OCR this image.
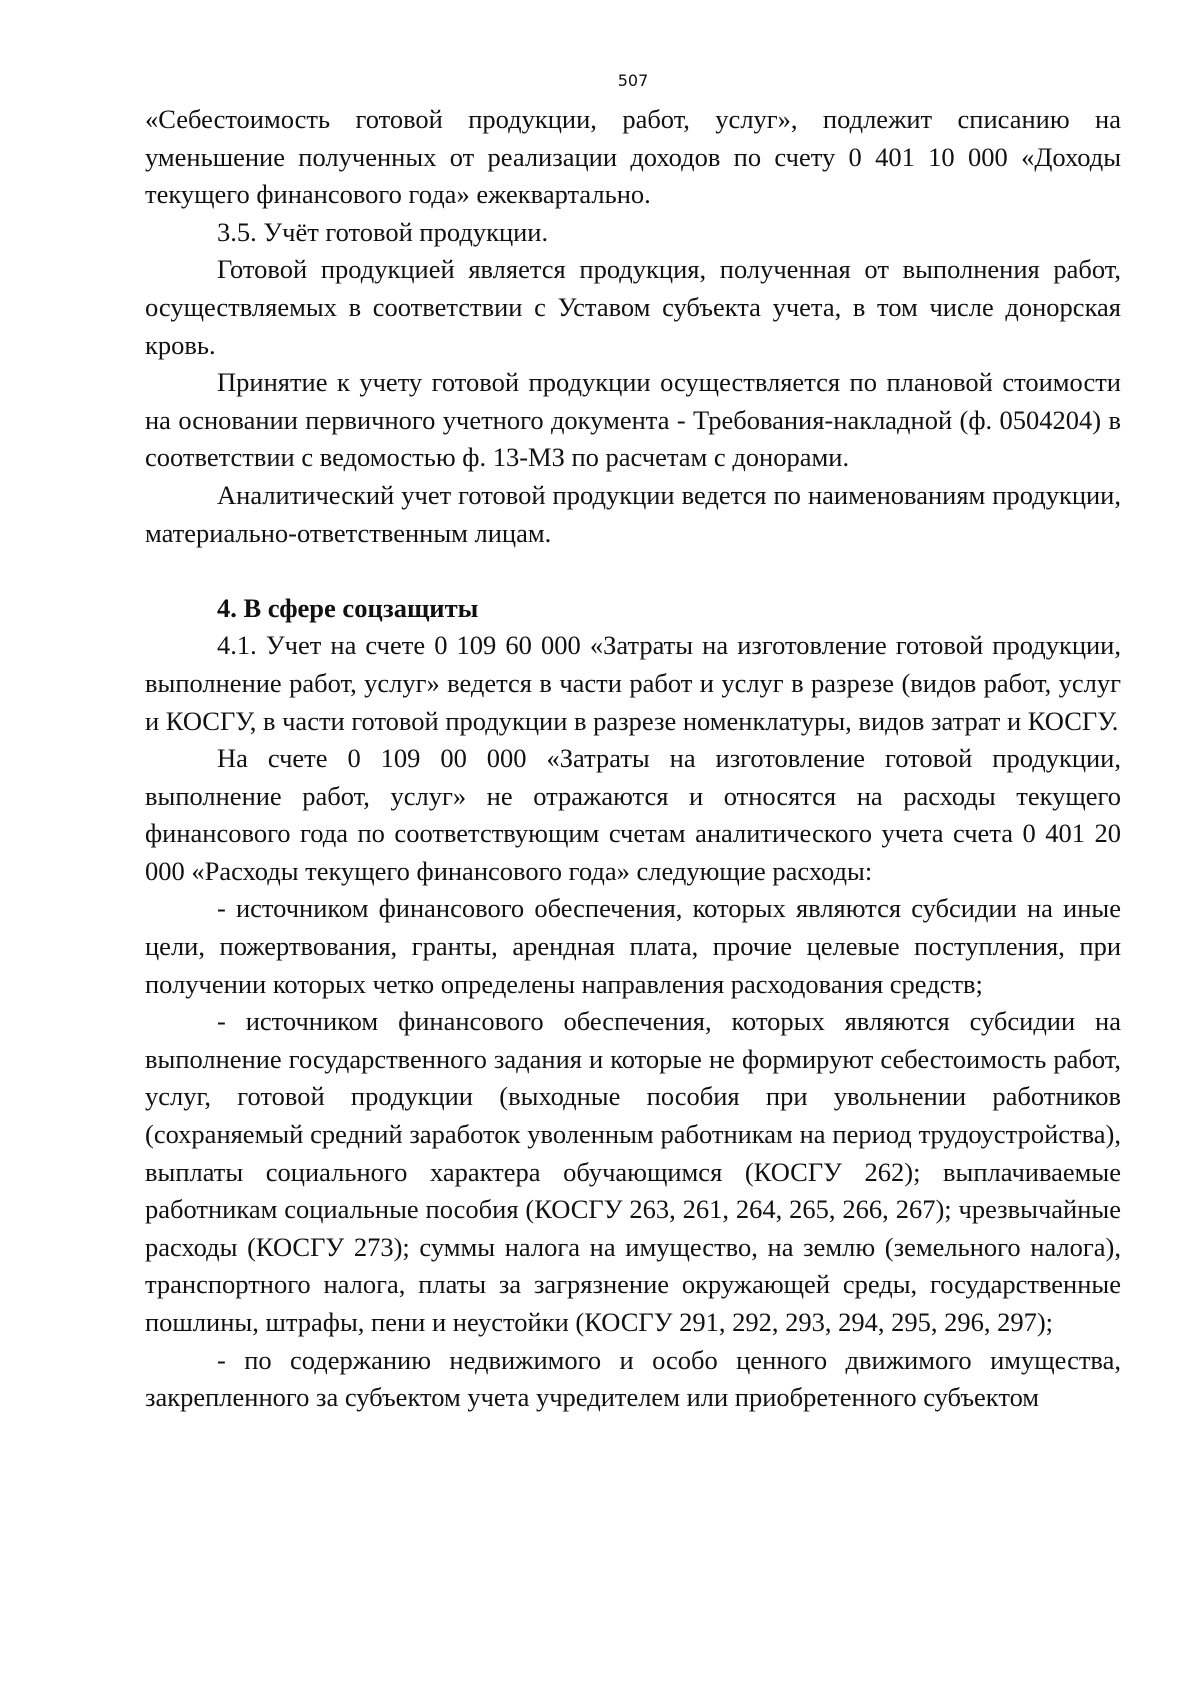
507

«Себестоимость готовой продукции, работ, услуг», подлежит списанию на уменьшение полученных от реализации доходов по счету 0 401 10 000 «Доходы текущего финансового года» ежеквартально.

3.5. Учёт готовой продукции.

Готовой продукцией является продукция, полученная от выполнения работ, осуществляемых в соответствии с Уставом субъекта учета, в том числе донорская кровь.

Принятие к учету готовой продукции осуществляется по плановой стоимости на основании первичного учетного документа - Требования-накладной (ф. 0504204) в соответствии с ведомостью ф. 13-МЗ по расчетам с донорами.

Аналитический учет готовой продукции ведется по наименованиям продукции, материально-ответственным лицам.

4. В сфере соцзащиты

4.1. Учет на счете 0 109 60 000 «Затраты на изготовление готовой продукции, выполнение работ, услуг» ведется в части работ и услуг в разрезе (видов работ, услуг и КОСГУ, в части готовой продукции в разрезе номенклатуры, видов затрат и КОСГУ.

На счете 0 109 00 000 «Затраты на изготовление готовой продукции, выполнение работ, услуг» не отражаются и относятся на расходы текущего финансового года по соответствующим счетам аналитического учета счета 0 401 20 000 «Расходы текущего финансового года» следующие расходы:

- источником финансового обеспечения, которых являются субсидии на иные цели, пожертвования, гранты, арендная плата, прочие целевые поступления, при получении которых четко определены направления расходования средств;

- источником финансового обеспечения, которых являются субсидии на выполнение государственного задания и которые не формируют себестоимость работ, услуг, готовой продукции (выходные пособия при увольнении работников (сохраняемый средний заработок уволенным работникам на период трудоустройства), выплаты социального характера обучающимся (КОСГУ 262); выплачиваемые работникам социальные пособия (КОСГУ 263, 261, 264, 265, 266, 267); чрезвычайные расходы (КОСГУ 273); суммы налога на имущество, на землю (земельного налога), транспортного налога, платы за загрязнение окружающей среды, государственные пошлины, штрафы, пени и неустойки (КОСГУ 291, 292, 293, 294, 295, 296, 297);

- по содержанию недвижимого и особо ценного движимого имущества, закрепленного за субъектом учета учредителем или приобретенного субъектом
